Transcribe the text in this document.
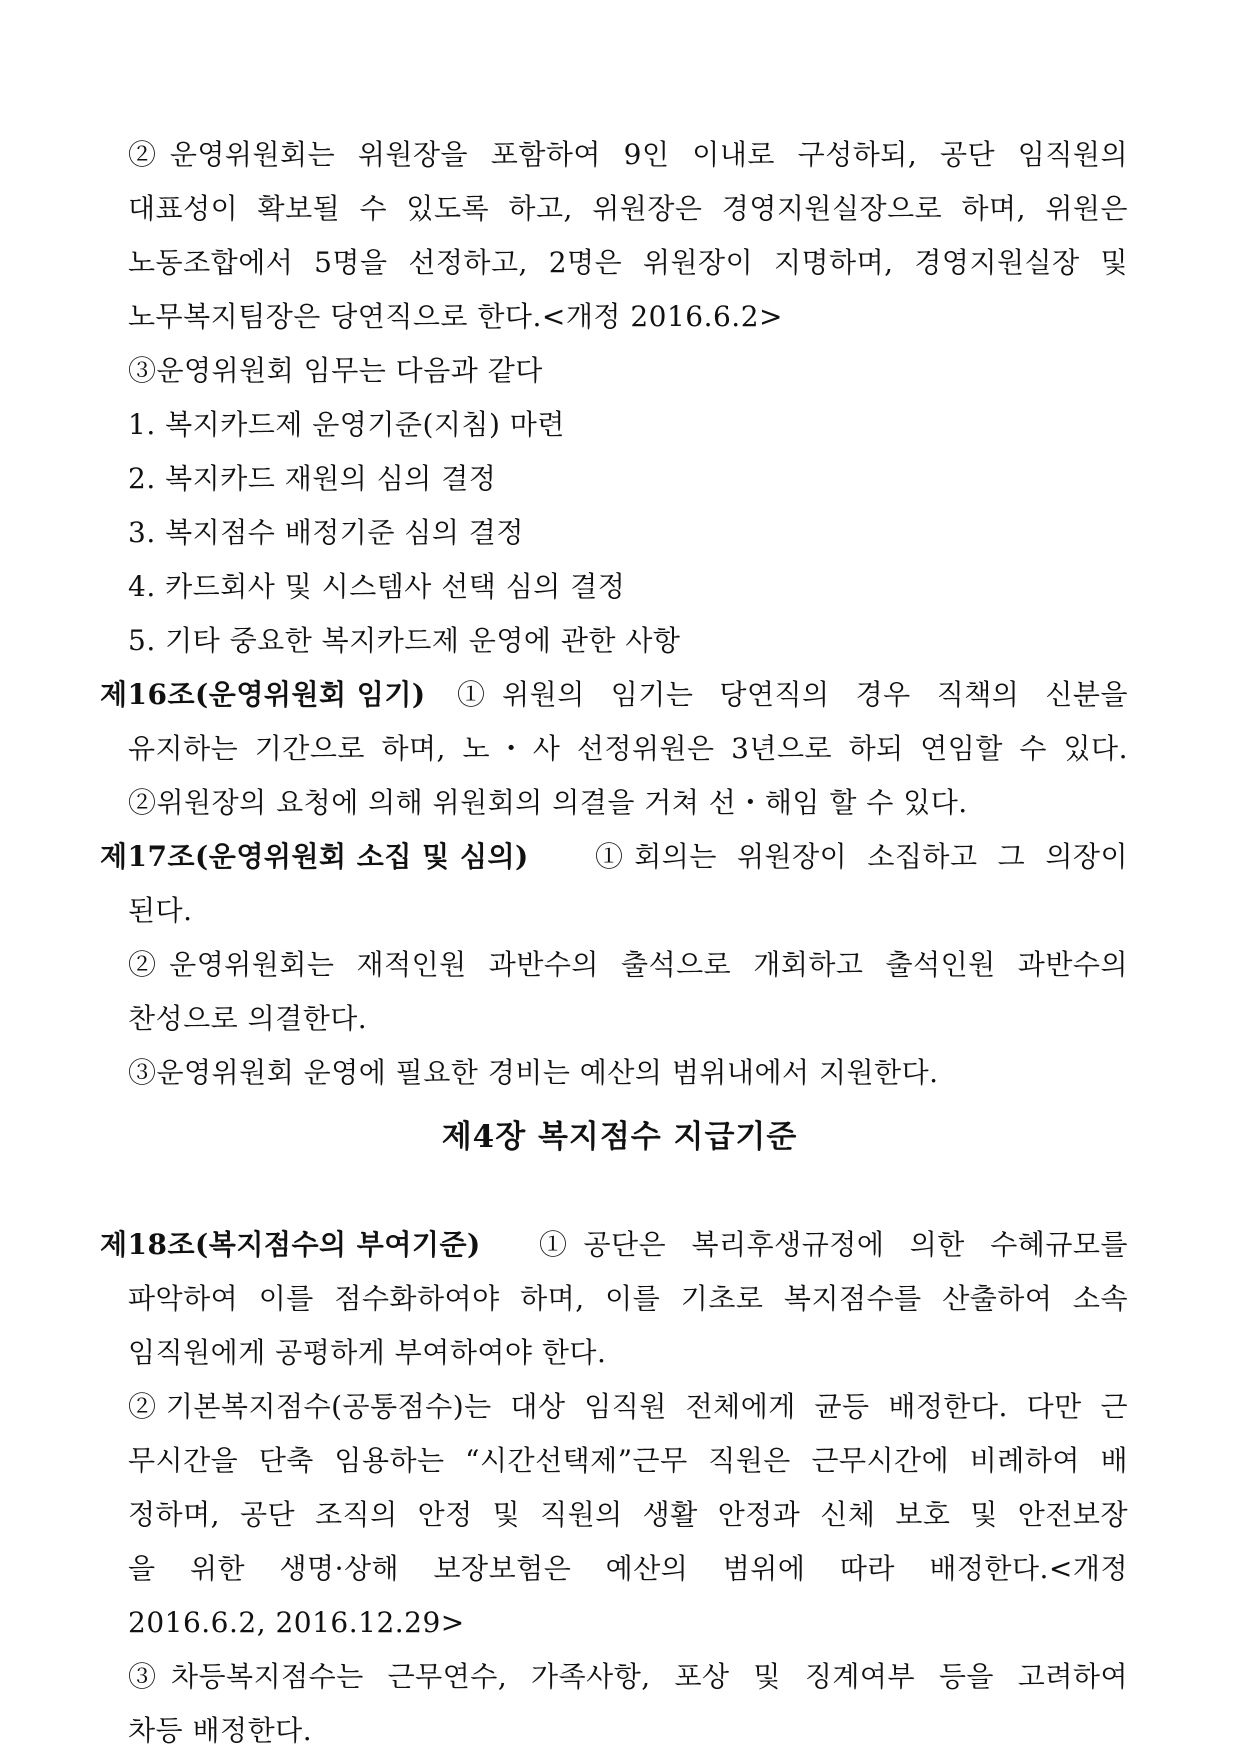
②운영위원회는 위원장을 포함하여 9인 이내로 구성하되, 공단 임직원의
대표성이 확보될 수 있도록 하고, 위원장은 경영지원실장으로 하며, 위원은
노동조합에서 5명을 선정하고, 2명은 위원장이 지명하며, 경영지원실장 및
노무복지팀장은 당연직으로 한다.<개정 2016.6.2>
③운영위원회 임무는 다음과 같다
1. 복지카드제 운영기준(지침) 마련
2. 복지카드 재원의 심의 결정
3. 복지점수 배정기준 심의 결정
4. 카드회사 및 시스템사 선택 심의 결정
5. 기타 중요한 복지카드제 운영에 관한 사항
제16조(운영위원회 임기) ①위원의 임기는 당연직의 경우 직책의 신분을
유지하는 기간으로 하며, 노・사 선정위원은 3년으로 하되 연임할 수 있다.
②위원장의 요청에 의해 위원회의 의결을 거쳐 선・해임 할 수 있다.
제17조(운영위원회 소집 및 심의) ①회의는 위원장이 소집하고 그 의장이
된다.
②운영위원회는 재적인원 과반수의 출석으로 개회하고 출석인원 과반수의
찬성으로 의결한다.
③운영위원회 운영에 필요한 경비는 예산의 범위내에서 지원한다.
제4장 복지점수 지급기준
제18조(복지점수의 부여기준) ①공단은 복리후생규정에 의한 수혜규모를
파악하여 이를 점수화하여야 하며, 이를 기초로 복지점수를 산출하여 소속
임직원에게 공평하게 부여하여야 한다.
②기본복지점수(공통점수)는 대상 임직원 전체에게 균등 배정한다. 다만 근
무시간을 단축 임용하는 “시간선택제”근무 직원은 근무시간에 비례하여 배
정하며, 공단 조직의 안정 및 직원의 생활 안정과 신체 보호 및 안전보장
을 위한 생명·상해 보장보험은 예산의 범위에 따라 배정한다.<개정
2016.6.2, 2016.12.29>
③차등복지점수는 근무연수, 가족사항, 포상 및 징계여부 등을 고려하여
차등 배정한다.
